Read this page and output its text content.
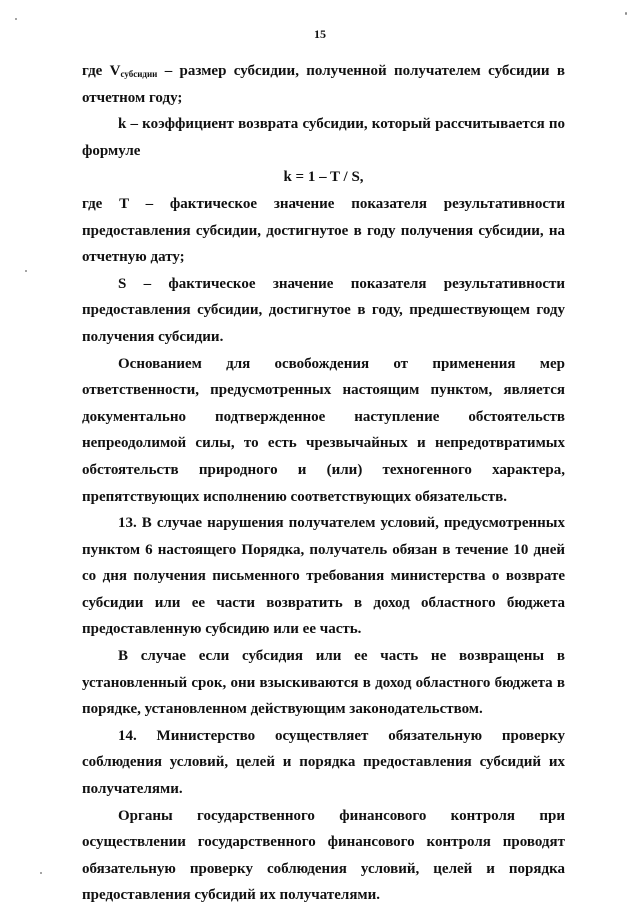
15

где $V_{субсидии}$ – размер субсидии, полученной получателем субсидии в отчетном году;

k – коэффициент возврата субсидии, который рассчитывается по формуле

k = 1 – T / S,

где T – фактическое значение показателя результативности предоставления субсидии, достигнутое в году получения субсидии, на отчетную дату;

S – фактическое значение показателя результативности предоставления субсидии, достигнутое в году, предшествующем году получения субсидии.

Основанием для освобождения от применения мер ответственности, предусмотренных настоящим пунктом, является документально подтвержденное наступление обстоятельств непреодолимой силы, то есть чрезвычайных и непредотвратимых обстоятельств природного и (или) техногенного характера, препятствующих исполнению соответствующих обязательств.

13. В случае нарушения получателем условий, предусмотренных пунктом 6 настоящего Порядка, получатель обязан в течение 10 дней со дня получения письменного требования министерства о возврате субсидии или ее части возвратить в доход областного бюджета предоставленную субсидию или ее часть.

В случае если субсидия или ее часть не возвращены в установленный срок, они взыскиваются в доход областного бюджета в порядке, установленном действующим законодательством.

14. Министерство осуществляет обязательную проверку соблюдения условий, целей и порядка предоставления субсидий их получателями.

Органы государственного финансового контроля при осуществлении государственного финансового контроля проводят обязательную проверку соблюдения условий, целей и порядка предоставления субсидий их получателями.
